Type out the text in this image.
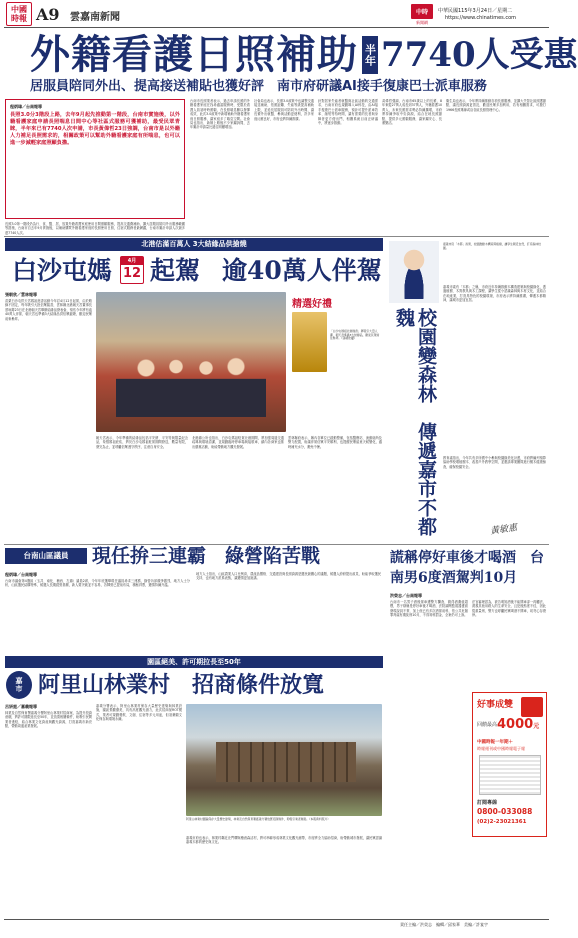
中國
時報 A9 雲嘉南新聞	中時
新聞網
中華民國115年3月24日／星期二
https://www.chinatimes.com
外籍看護日照補助 半年 7740人受惠
居服員陪同外出、提高接送補貼也獲好評　南市府研議AI接手復康巴士派車服務
程炳璋／台南報導
長照3.0分3階段上路，去年9月起先推動第一階段，台南市實施後，以外籍看護家庭申請長照喘息日間中心等社區式服務可獲補助，最受民眾青睞，半年來已有7740人次申請，市長黃偉哲23日強調，台南市是以外籍人力補足長照需求的，相關政策可以幫助外籍看護家庭有所喘息，也可以進一步減輕家庭照顧負擔。
長照3.0第一階段仍為行、食、醫、居，放寬外籍看護家庭使用日間照顧服務，提高交通費補助，擴大居服員陪同外出服務範圍等措施，台南市自去年9月實施後，以補助購買外籍看護家庭的長照使用日照，住宿式服務者最踴躍，台南市累計申請人次最多達7740人次。
台南市長照業者表示，過去申請長照的外籍看護家庭在找尋適當服務時，受限於看護人員須時時照顧，在長照喘息難以發揮成效，此次3.0政策中新增補助外籍看護家庭日照服務，讓家庭多了喘息空間。社會局也指出，新制上路後不少家屬詢問，去年累計申請量比過往明顯增加。
社會局也表示，長照3.0政策中也調整交通接送補助，依照距離、失能等級提高補助上限，並延長居服員可陪同外出時間，讓長輩外出就醫、參與活動更便利，許多家庭反應良好，市府也將持續推廣。
針對居家失能者就醫與社區活動的交通需求，台南市府也規劃導入AI科技，由AI接手復康巴士派車服務，預計可提升派車效率、縮短等待時間，讓有需要的長者與身障者更方便出門，相關系統目前正研議中，將逐步推動。
黃偉哲強調，台南市65歲以上的長輩，8年來從27萬人成長到37萬人，外籍看護10萬人，未來長照需求勢必持續擴增，市府將持續爭取中央資源，結合在地長照據點，提供多元照顧服務，讓家屬安心、長輩樂活。
衛生局也表示，今年將持續推動各項長照服務，並擴大失智社區照護據點，讓長照資源更普及，歡迎民眾多加利用，若有相關需求，可撥打1966長照專線或洽各區長照管理中心。
北港估滿百萬人 3大結緣品供搶燒
白沙屯媽	4月
12 起駕 逾40萬人伴駕
張朝欣／雲林報導
苗栗白沙屯拱天宮媽祖進香活動今年訂4月12日起駕，由於路線不固定，每年吸引大批信眾隨香，雲林縣北港朝天宮董事長蔡咏鍀23日在北港朝天宮舉辦結緣品發表會，預估今年將有逾40萬人伴駕，朝天宮也準備3大結緣品供信眾搶燒，歡迎民眾前來參拜。
精選好禮
「白沙屯媽祖北港進香」將吸引大量人潮，朝天宮準備3大結緣品，歡迎民眾前往參拜。（張朝欣攝）
朝天宮表示，今年準備的結緣品包括平安餅、平安符與限量紀念品，象徵媽祖庇佑，將於白沙屯媽祖駐駕期間發送，數量有限，發完為止，並呼籲信眾遵守秩序，注意自身安全。
北港鎮公所也指出，白沙屯媽祖駐駕北港期間，將加強周邊交通疏導與環境清潔，並規劃臨時停車場與接駁車，鎮內各商家也推出優惠活動，盼能帶動地方觀光發展。
雲林縣府表示，縣內各單位已啟動整備，包括醫療站、流動廁所及警力配置，盼讓伴駕信眾平安順利，也提醒民眾留意天候變化，適時補充水分，避免中暑。
嘉義市府「木都」政策，校園推動木構造與植樹，讓學生親近自然，打造森林校園。
校園變森林　傳遞嘉市不都魏
嘉義市素有「木都」之稱，市府近年持續推動木構造建築與校園綠化，透過植樹、木質教具與木工課程，讓學生從小認識森林與木材文化，並結合在地產業，打造具特色的校園環境，市府表示將持續推廣，傳遞木都精神，讓城市更加宜居。
教育處指出，今年共有多所國中小參與校園綠美化計畫，市府將編列預算協助學校增植樹木、改善戶外教學空間，並邀請專業團隊進行樹木健康檢查，確保校園安全。
黃敏惠
台南山區議員	現任拚三連霸　綠營陷苦戰
程炳璋／台南報導
台南市議會第4選區（玉井、南化、楠西、左鎮）議員2席，今年年底選舉現任議員尋求三連霸，綠營內部競爭激烈，地方人士分析，山區選民結構特殊，候選人長期經營基層，新人要突破並不容易，各陣營已提前布局，積極拜票，選情持續升溫。
地方人士指出，山區農業人口比例高，農產品價格、交通建設與長照資源是選民最關心的議題，候選人紛紛提出政見，盼能爭取選民支持，也有地方派系表態，讓選情更加詭譎。
謊稱停好車後才喝酒　台南男6度酒駕判10月
洪榮志／台南報導
台南市一名男子酒後駕車遭警方攔查，測得酒測值超標，男子辯稱是停好車後才喝酒，法院調閱監視器畫面發現說詞不實，加上他已有多次酒駕前科，依公共危險罪判處有期徒刑10月，不得易科罰金，全案仍可上訴。
法官審理認為，被告明知酒後不能開車卻一再觸法，漠視其他用路人的生命安全，且犯後態度不佳，因此從重量刑，警方也呼籲民眾喝酒不開車，切勿心存僥倖。
好事成雙
回饋最高 4000元
中國時報一年期＋
時報週刊或中國時報電子報
訂閱專線
0800-033088
(02)2-23021361
園區絕美、許可期拉長至50年
嘉
市 阿里山林業村　招商條件放寬
呂妍庭／嘉義報導
林業及自然保育署嘉義分署阿里山林業村招商案，為提升投資意願，將許可期限延長至50年，並放寬相關條件，盼吸引民間業者進駐，結合林業文化資產與觀光資源，打造嘉義市新亮點，帶動周邊產業發展。
嘉義分署表示，阿里山林業村保存大量歷史建築與林業設施，園區景觀優美，具有高度觀光潛力，此次招商採ROT模式，業者可規劃餐飲、文創、住宿等多元用途，但須兼顧文化保存與環境永續。
阿里山林業村園區保存大量歷史建築，林業及自然保育署嘉義分署放寬招商條件，盼吸引業者進駐。（本報資料照片）
嘉義市府也表示，林業村鄰近北門驛與檜意森活村，將可串聯形成林業文化觀光廊帶，市府將全力協助招商，盼帶動城市發展，讓民眾認識嘉義木都的歷史與文化。
責任主編／洪榮志　編輯／邱家華　美編／許宴宇
